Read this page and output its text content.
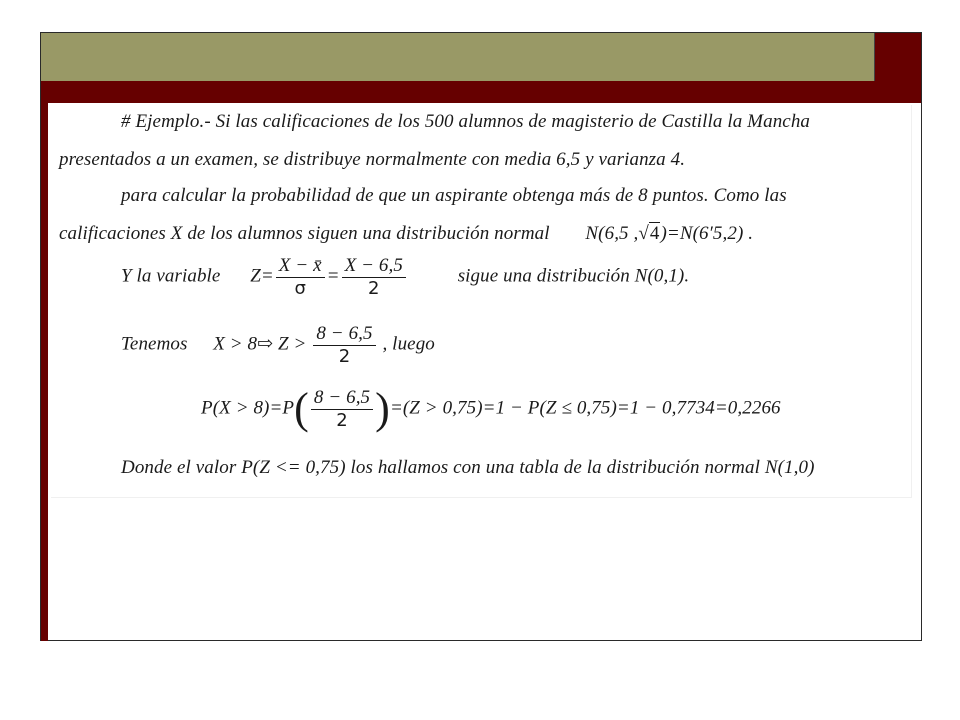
# Ejemplo.- Si las calificaciones de los 500 alumnos de magisterio de Castilla la Mancha
presentados a un examen, se distribuye normalmente con media 6,5 y varianza 4.
para calcular la probabilidad de que un aspirante obtenga más de 8 puntos. Como las
calificaciones X de los alumnos siguen una distribución normal N(6,5 ,√4)=N(6′5,2) .
Y la variable $Z= \frac{X - x̄}{\sigma} = \frac{X - 6,5}{2}$	sigue una distribución N(0,1).
Tenemos X > 8⇨ $Z > \frac{8 - 6,5}{2}$ , luego
$P(X > 8)=P( \frac{8 - 6,5}{2} )=(Z > 0,75)=1 - P(Z \le 0,75)=1 - 0,7734=0,2266$
Donde el valor P(Z <= 0,75) los hallamos con una tabla de la distribución normal N(1,0)
